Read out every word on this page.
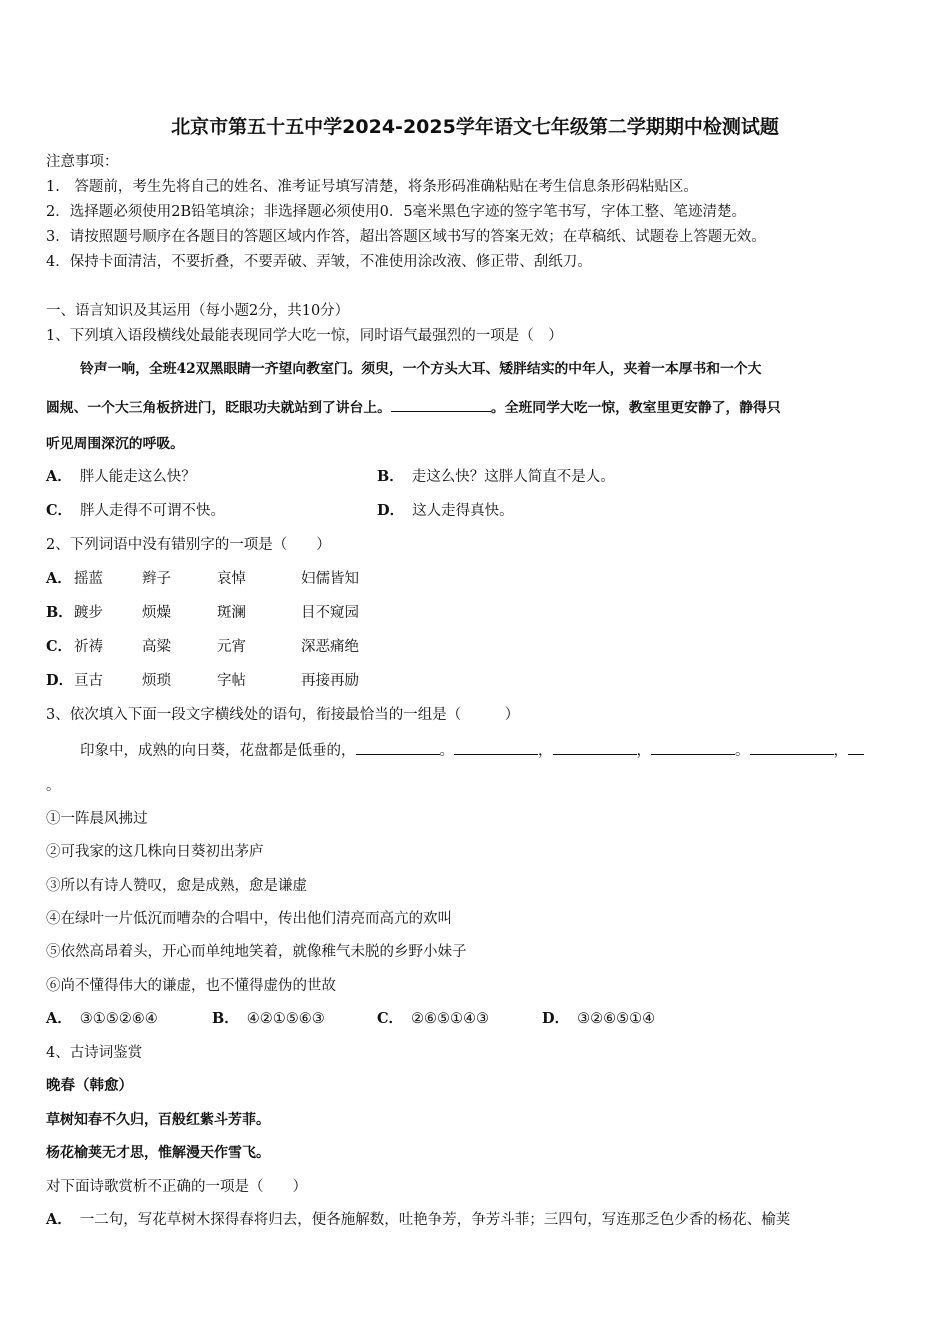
北京市第五十五中学2024-2025学年语文七年级第二学期期中检测试题
注意事项：
1.　答题前，考生先将自己的姓名、准考证号填写清楚，将条形码准确粘贴在考生信息条形码粘贴区。
2．选择题必须使用2B铅笔填涂；非选择题必须使用0．5毫米黑色字迹的签字笔书写，字体工整、笔迹清楚。
3．请按照题号顺序在各题目的答题区域内作答，超出答题区域书写的答案无效；在草稿纸、试题卷上答题无效。
4．保持卡面清洁，不要折叠，不要弄破、弄皱，不准使用涂改液、修正带、刮纸刀。
一、语言知识及其运用（每小题2分，共10分）
1、下列填入语段横线处最能表现同学大吃一惊，同时语气最强烈的一项是（　）
铃声一响，全班42双黑眼睛一齐望向教室门。须臾，一个方头大耳、矮胖结实的中年人，夹着一本厚书和一个大
圆规、一个大三角板挤进门，眨眼功夫就站到了讲台上。	。全班同学大吃一惊，教室里更安静了，静得只
听见周围深沉的呼吸。
A． 胖人能走这么快？	B． 走这么快？这胖人简直不是人。
C． 胖人走得不可谓不快。	D． 这人走得真快。
2、下列词语中没有错别字的一项是（　　）
A． 摇蓝	辫子	哀悼	妇儒皆知
B． 踱步	烦燥	斑澜	目不窥园
C． 祈祷	高粱	元宵	深恶痛绝
D． 亘古	烦琐	字帖	再接再励
3、依次填入下面一段文字横线处的语句，衔接最恰当的一组是（　　　）
印象中，成熟的向日葵，花盘都是低垂的，	。	，	，	。	，
。
①一阵晨风拂过
②可我家的这几株向日葵初出茅庐
③所以有诗人赞叹，愈是成熟，愈是谦虚
④在绿叶一片低沉而嘈杂的合唱中，传出他们清亮而高亢的欢叫
⑤依然高昂着头，开心而单纯地笑着，就像稚气未脱的乡野小妹子
⑥尚不懂得伟大的谦虚，也不懂得虚伪的世故
A． ③①⑤②⑥④	B． ④②①⑤⑥③	C． ②⑥⑤①④③	D． ③②⑥⑤①④
4、古诗词鉴赏
晚春（韩愈）
草树知春不久归，百般红紫斗芳菲。
杨花榆荚无才思，惟解漫天作雪飞。
对下面诗歌赏析不正确的一项是（　　）
A． 一二句，写花草树木探得春将归去，便各施解数，吐艳争芳，争芳斗菲；三四句，写连那乏色少香的杨花、榆荚
